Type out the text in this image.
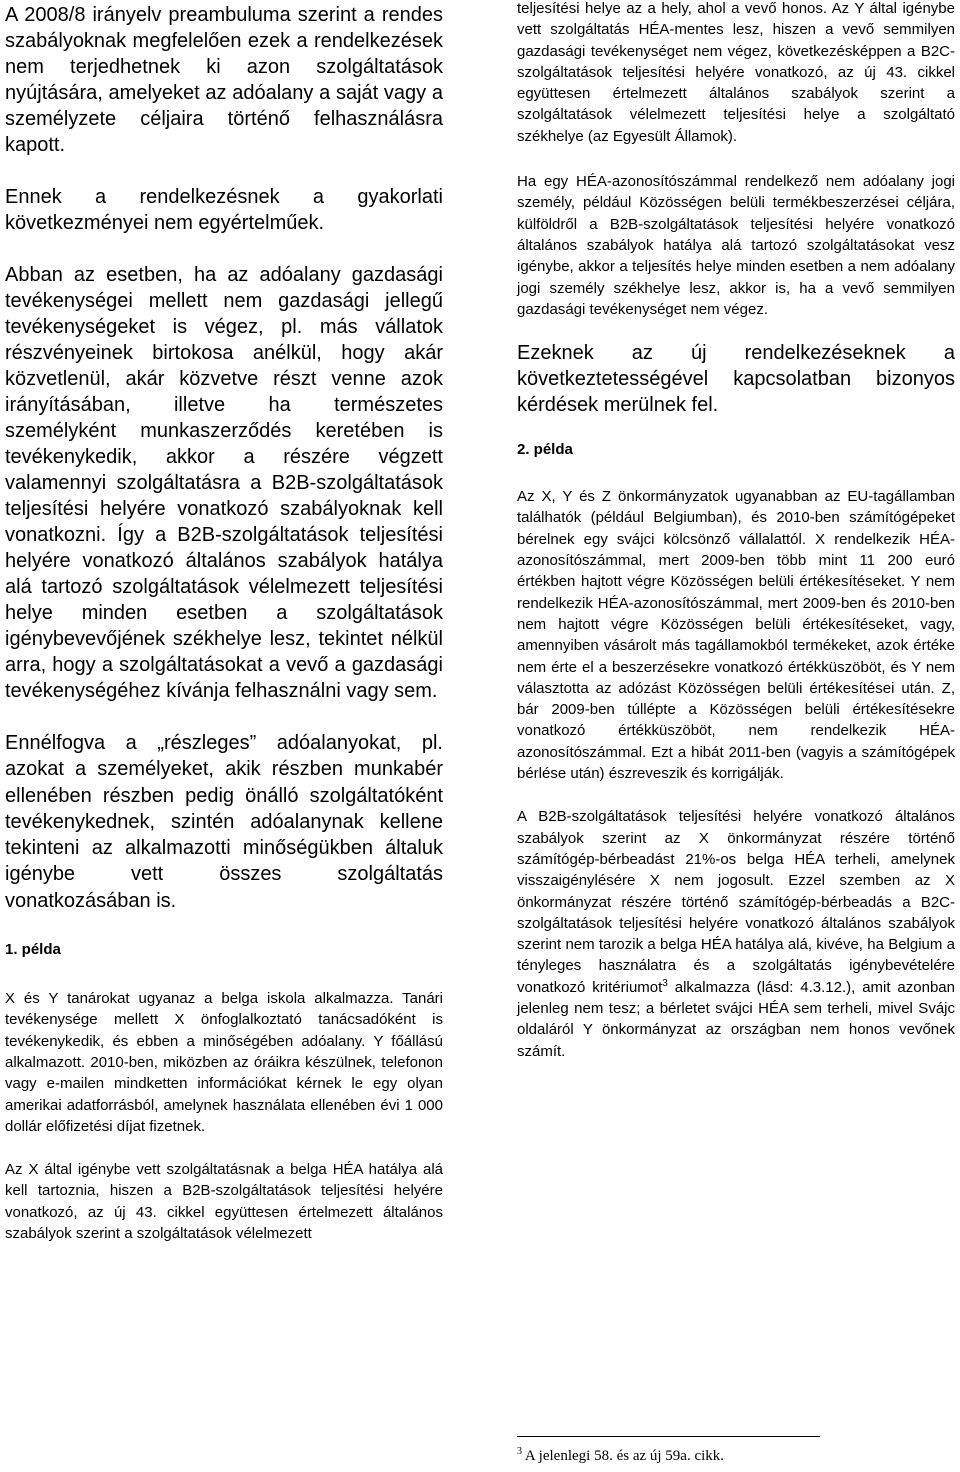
A 2008/8 irányelv preambuluma szerint a rendes szabályoknak megfelelően ezek a rendelkezések nem terjedhetnek ki azon szolgáltatások nyújtására, amelyeket az adóalany a saját vagy a személyzete céljaira történő felhasználásra kapott.

Ennek a rendelkezésnek a gyakorlati következményei nem egyértelműek.

Abban az esetben, ha az adóalany gazdasági tevékenységei mellett nem gazdasági jellegű tevékenységeket is végez, pl. más vállatok részvényeinek birtokosa anélkül, hogy akár közvetlenül, akár közvetve részt venne azok irányításában, illetve ha természetes személyként munkaszerződés keretében is tevékenykedik, akkor a részére végzett valamennyi szolgáltatásra a B2B-szolgáltatások teljesítési helyére vonatkozó szabályoknak kell vonatkozni. Így a B2B-szolgáltatások teljesítési helyére vonatkozó általános szabályok hatálya alá tartozó szolgáltatások vélelmezett teljesítési helye minden esetben a szolgáltatások igénybevevőjének székhelye lesz, tekintet nélkül arra, hogy a szolgáltatásokat a vevő a gazdasági tevékenységéhez kívánja felhasználni vagy sem.

Ennélfogva a „részleges” adóalanyokat, pl. azokat a személyeket, akik részben munkabér ellenében részben pedig önálló szolgáltatóként tevékenykednek, szintén adóalanynak kellene tekinteni az alkalmazotti minőségükben általuk igénybe vett összes szolgáltatás vonatkozásában is.

1. példa

X és Y tanárokat ugyanaz a belga iskola alkalmazza. Tanári tevékenysége mellett X önfoglalkoztató tanácsadóként is tevékenykedik, és ebben a minőségében adóalany. Y főállású alkalmazott. 2010-ben, miközben az óráikra készülnek, telefonon vagy e-mailen mindketten információkat kérnek le egy olyan amerikai adatforrásból, amelynek használata ellenében évi 1 000 dollár előfizetési díjat fizetnek.

Az X által igénybe vett szolgáltatásnak a belga HÉA hatálya alá kell tartoznia, hiszen a B2B-szolgáltatások teljesítési helyére vonatkozó, az új 43. cikkel együttesen értelmezett általános szabályok szerint a szolgáltatások vélelmezett

teljesítési helye az a hely, ahol a vevő honos. Az Y által igénybe vett szolgáltatás HÉA-mentes lesz, hiszen a vevő semmilyen gazdasági tevékenységet nem végez, következésképpen a B2C-szolgáltatások teljesítési helyére vonatkozó, az új 43. cikkel együttesen értelmezett általános szabályok szerint a szolgáltatások vélelmezett teljesítési helye a szolgáltató székhelye (az Egyesült Államok).

Ha egy HÉA-azonosítószámmal rendelkező nem adóalany jogi személy, például Közösségen belüli termékbeszerzései céljára, külföldről a B2B-szolgáltatások teljesítési helyére vonatkozó általános szabályok hatálya alá tartozó szolgáltatásokat vesz igénybe, akkor a teljesítés helye minden esetben a nem adóalany jogi személy székhelye lesz, akkor is, ha a vevő semmilyen gazdasági tevékenységet nem végez.

Ezeknek az új rendelkezéseknek a következtetességével kapcsolatban bizonyos kérdések merülnek fel.

2. példa

Az X, Y és Z önkormányzatok ugyanabban az EU-tagállamban találhatók (például Belgiumban), és 2010-ben számítógépeket bérelnek egy svájci kölcsönző vállalattól. X rendelkezik HÉA-azonosítószámmal, mert 2009-ben több mint 11 200 euró értékben hajtott végre Közösségen belüli értékesítéseket. Y nem rendelkezik HÉA-azonosítószámmal, mert 2009-ben és 2010-ben nem hajtott végre Közösségen belüli értékesítéseket, vagy, amennyiben vásárolt más tagállamokból termékeket, azok értéke nem érte el a beszerzésekre vonatkozó értékküszöböt, és Y nem választotta az adózást Közösségen belüli értékesítései után. Z, bár 2009-ben túllépte a Közösségen belüli értékesítésekre vonatkozó értékküszöböt, nem rendelkezik HÉA-azonosítószámmal. Ezt a hibát 2011-ben (vagyis a számítógépek bérlése után) észreveszik és korrigálják.

A B2B-szolgáltatások teljesítési helyére vonatkozó általános szabályok szerint az X önkormányzat részére történő számítógép-bérbeadást 21%-os belga HÉA terheli, amelynek visszaigénylésére X nem jogosult. Ezzel szemben az X önkormányzat részére történő számítógép-bérbeadás a B2C-szolgáltatások teljesítési helyére vonatkozó általános szabályok szerint nem tarozik a belga HÉA hatálya alá, kivéve, ha Belgium a tényleges használatra és a szolgáltatás igénybevételére vonatkozó kritériumot$^3$ alkalmazza (lásd: 4.3.12.), amit azonban jelenleg nem tesz; a bérletet svájci HÉA sem terheli, mivel Svájc oldaláról Y önkormányzat az országban nem honos vevőnek számít.

$^3$ A jelenlegi 58. és az új 59a. cikk.
